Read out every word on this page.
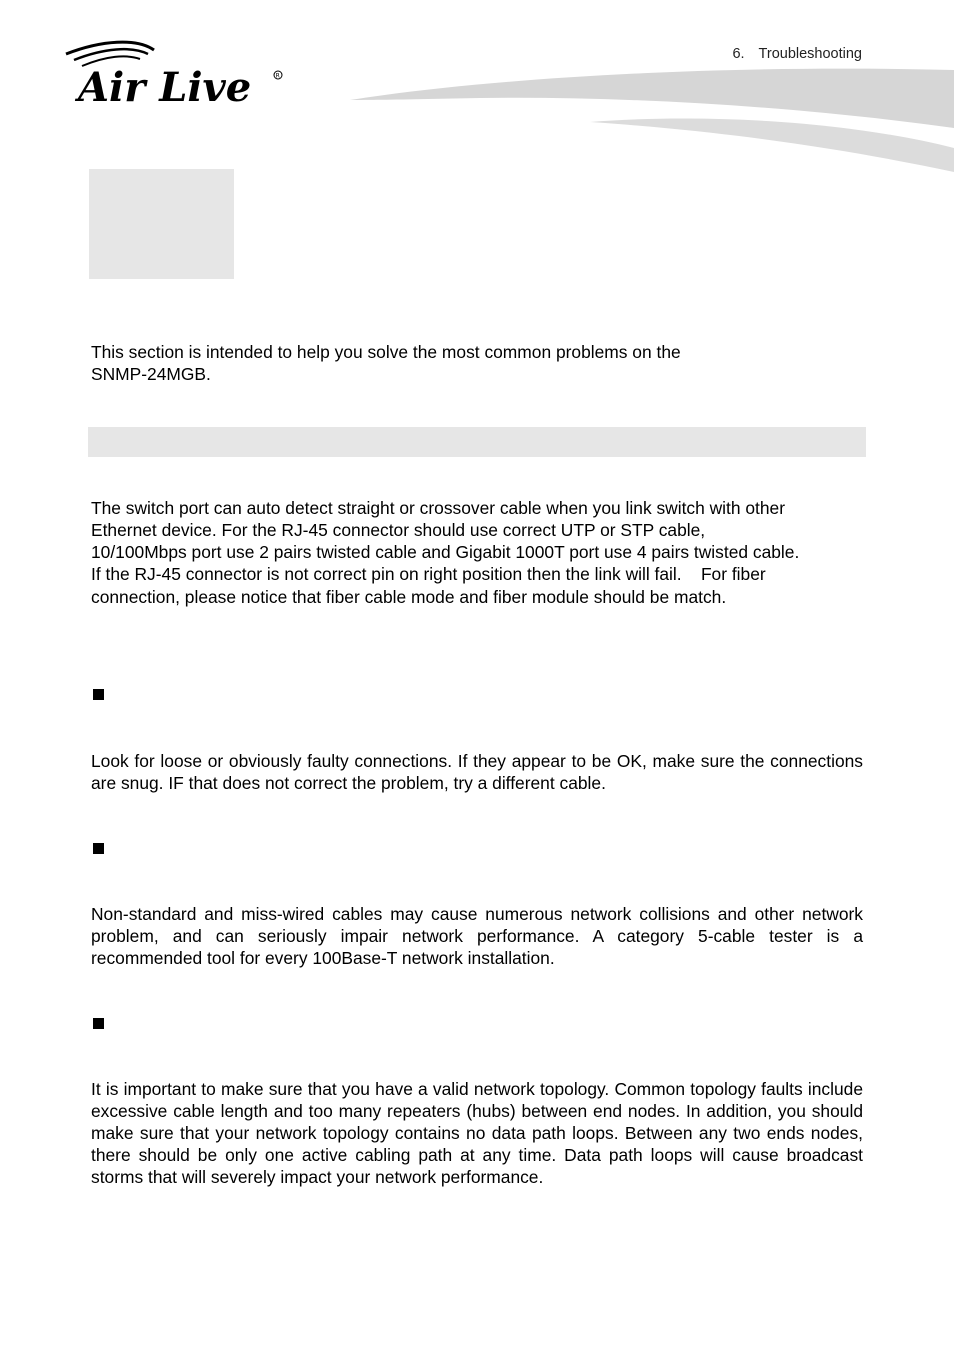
Air Live	R
6. Troubleshooting

This section is intended to help you solve the most common problems on the

SNMP-24MGB.

The switch port can auto detect straight or crossover cable when you link switch with other

Ethernet device. For the RJ-45 connector should use correct UTP or STP cable,

10/100Mbps port use 2 pairs twisted cable and Gigabit 1000T port use 4 pairs twisted cable.

If the RJ-45 connector is not correct pin on right position then the link will fail.    For fiber

connection, please notice that fiber cable mode and fiber module should be match.

Look for loose or obviously faulty connections. If they appear to be OK, make sure the connections are snug. IF that does not correct the problem, try a different cable.

Non-standard and miss-wired cables may cause numerous network collisions and other network problem, and can seriously impair network performance. A category 5-cable tester is a recommended tool for every 100Base-T network installation.

It is important to make sure that you have a valid network topology. Common topology faults include excessive cable length and too many repeaters (hubs) between end nodes. In addition, you should make sure that your network topology contains no data path loops. Between any two ends nodes, there should be only one active cabling path at any time. Data path loops will cause broadcast storms that will severely impact your network performance.
